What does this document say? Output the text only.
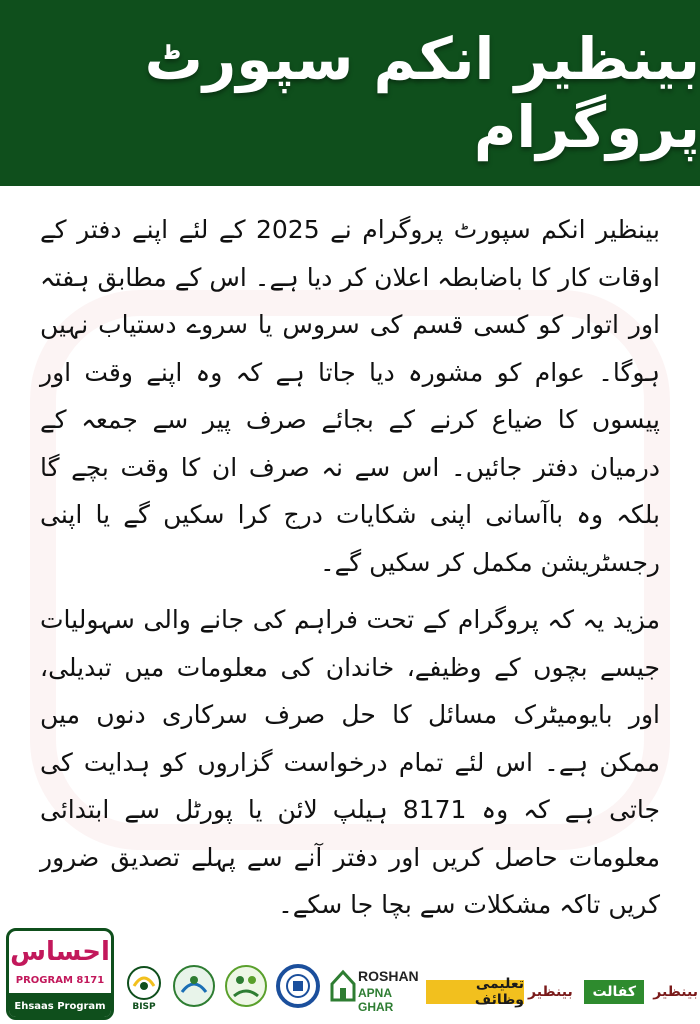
بینظیر انکم سپورٹ پروگرام

بینظیر انکم سپورٹ پروگرام نے 2025 کے لئے اپنے دفتر کے اوقات کار کا باضابطہ اعلان کر دیا ہے۔ اس کے مطابق ہفتہ اور اتوار کو کسی قسم کی سروس یا سروے دستیاب نہیں ہوگا۔ عوام کو مشورہ دیا جاتا ہے کہ وہ اپنے وقت اور پیسوں کا ضیاع کرنے کے بجائے صرف پیر سے جمعہ کے درمیان دفتر جائیں۔ اس سے نہ صرف ان کا وقت بچے گا بلکہ وہ باآسانی اپنی شکایات درج کرا سکیں گے یا اپنی رجسٹریشن مکمل کر سکیں گے۔

مزید یہ کہ پروگرام کے تحت فراہم کی جانے والی سہولیات جیسے بچوں کے وظیفے، خاندان کی معلومات میں تبدیلی، اور بایومیٹرک مسائل کا حل صرف سرکاری دنوں میں ممکن ہے۔ اس لئے تمام درخواست گزاروں کو ہدایت کی جاتی ہے کہ وہ 8171 ہیلپ لائن یا پورٹل سے ابتدائی معلومات حاصل کریں اور دفتر آنے سے پہلے تصدیق ضرور کریں تاکہ مشکلات سے بچا جا سکے۔

احساس
PROGRAM 8171
Ehsaas Program	BISP
ROSHAN
APNA GHAR
تعلیمی وظائف	بینظیر
کفالت
بینظیر
